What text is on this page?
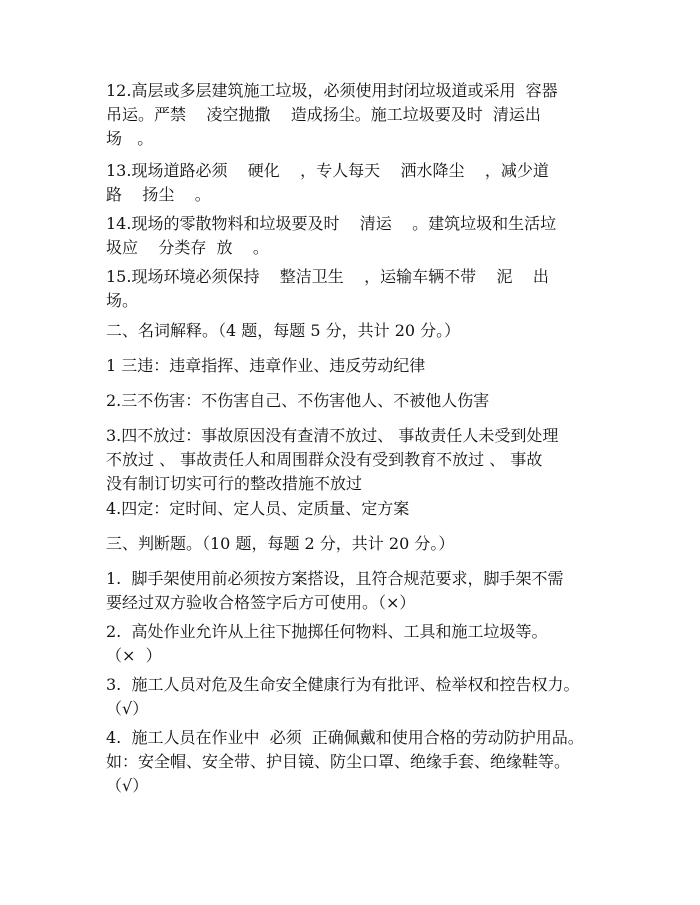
12.高层或多层建筑施工垃圾，必须使用封闭垃圾道或采用  容器
吊运。严禁    凌空抛撒    造成扬尘。施工垃圾要及时  清运出
场   。

13.现场道路必须    硬化    ，专人每天    洒水降尘    ，减少道
路    扬尘    。

14.现场的零散物料和垃圾要及时    清运    。建筑垃圾和生活垃
圾应    分类存  放    。

15.现场环境必须保持    整洁卫生    ，运输车辆不带    泥    出
场。

二、名词解释。（4 题，每题 5 分，共计 20 分。）

1 三违：违章指挥、违章作业、违反劳动纪律

2.三不伤害：不伤害自己、不伤害他人、不被他人伤害

3.四不放过：事故原因没有查清不放过、 事故责任人未受到处理
不放过 、 事故责任人和周围群众没有受到教育不放过 、 事故
没有制订切实可行的整改措施不放过

4.四定：定时间、定人员、定质量、定方案

三、判断题。（10 题，每题 2 分，共计 20 分。）

1.  脚手架使用前必须按方案搭设，且符合规范要求，脚手架不需
要经过双方验收合格签字后方可使用。（×）

2.  高处作业允许从上往下抛掷任何物料、工具和施工垃圾等。
（×  ）

3.  施工人员对危及生命安全健康行为有批评、检举权和控告权力。
（√）

4.  施工人员在作业中  必须  正确佩戴和使用合格的劳动防护用品。
如：安全帽、安全带、护目镜、防尘口罩、绝缘手套、绝缘鞋等。
（√）
